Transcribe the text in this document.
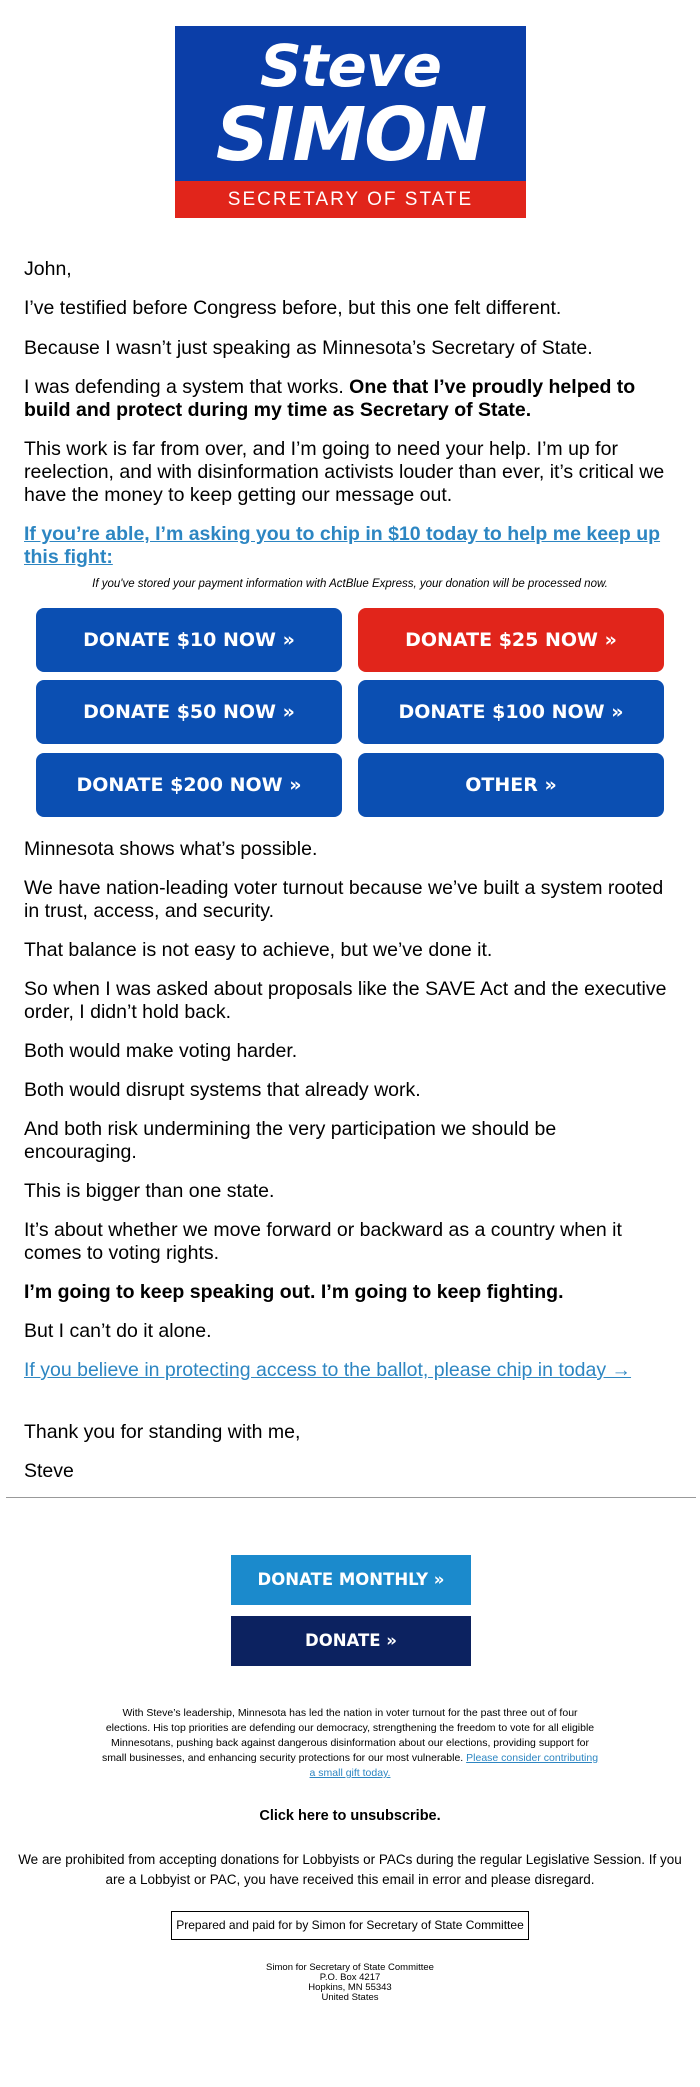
Steve
SIMON
SECRETARY OF STATE
John,
I’ve testified before Congress before, but this one felt different.
Because I wasn’t just speaking as Minnesota’s Secretary of State.
I was defending a system that works. One that I’ve proudly helped to build and protect during my time as Secretary of State.
This work is far from over, and I’m going to need your help. I’m up for reelection, and with disinformation activists louder than ever, it’s critical we have the money to keep getting our message out.
If you’re able, I’m asking you to chip in $10 today to help me keep up this fight:
If you've stored your payment information with ActBlue Express, your donation will be processed now.
DONATE $10 NOW »	DONATE $25 NOW »
DONATE $50 NOW »	DONATE $100 NOW »
DONATE $200 NOW »	OTHER »
Minnesota shows what’s possible.
We have nation-leading voter turnout because we’ve built a system rooted in trust, access, and security.
That balance is not easy to achieve, but we’ve done it.
So when I was asked about proposals like the SAVE Act and the executive order, I didn’t hold back.
Both would make voting harder.
Both would disrupt systems that already work.
And both risk undermining the very participation we should be encouraging.
This is bigger than one state.
It’s about whether we move forward or backward as a country when it comes to voting rights.
I’m going to keep speaking out. I’m going to keep fighting.
But I can’t do it alone.
If you believe in protecting access to the ballot, please chip in today →
Thank you for standing with me,
Steve
DONATE MONTHLY »
DONATE »
With Steve’s leadership, Minnesota has led the nation in voter turnout for the past three out of four elections. His top priorities are defending our democracy, strengthening the freedom to vote for all eligible Minnesotans, pushing back against dangerous disinformation about our elections, providing support for small businesses, and enhancing security protections for our most vulnerable. Please consider contributing a small gift today.
Click here to unsubscribe.
We are prohibited from accepting donations for Lobbyists or PACs during the regular Legislative Session. If you are a Lobbyist or PAC, you have received this email in error and please disregard.
Prepared and paid for by Simon for Secretary of State Committee
Simon for Secretary of State Committee
P.O. Box 4217
Hopkins, MN 55343
United States
